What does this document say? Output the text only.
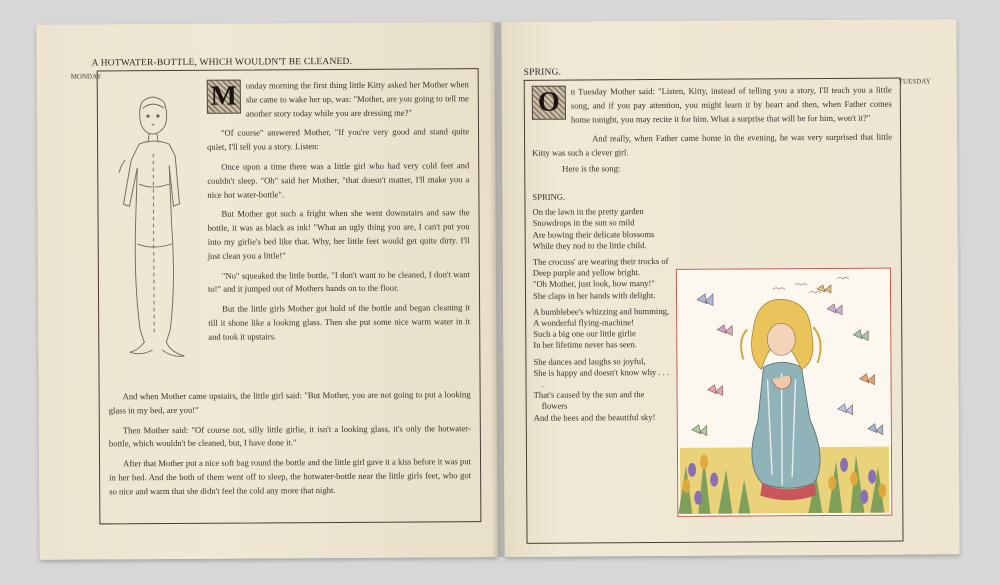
A HOTWATER-BOTTLE, WHICH WOULDN'T BE CLEANED.
MONDAY

M onday morning the first thing little Kitty asked her Mother when she came to wake her up, was: "Mother, are you going to tell me another story today while you are dressing me?"

"Of course" answered Mother, "If you're very good and stand quite quiet, I'll tell you a story. Listen:

Once upon a time there was a little girl who had very cold feet and couldn't sleep. "Oh" said her Mother, "that doesn't matter, I'll make you a nice hot water-bottle".

But Mother got such a fright when she went downstairs and saw the bottle, it was as black as ink! "What an ugly thing you are, I can't put you into my girlie's bed like that. Why, her little feet would get quite dirty. I'll just clean you a little!"

"No" squeaked the little bottle, "I don't want to be cleaned, I don't want to!" and it jumped out of Mothers hands on to the floor.

But the little girls Mother got hold of the bottle and began cleaning it till it shone like a looking glass. Then she put some nice warm water in it and took it upstairs.

And when Mother came upstairs, the little girl said: "But Mother, you are not going to put a looking glass in my bed, are you!"

Then Mother said: "Of course not, silly little girlie, it isn't a looking glass, it's only the hotwater-bottle, which wouldn't be cleaned, but, I have done it."

After that Mother put a nice soft bag round the bottle and the little girl gave it a kiss before it was put in her bed. And the both of them went off to sleep, the hotwater-bottle near the little girls feet, who got so nice and warm that she didn't feel the cold any more that night.

SPRING.
TUESDAY

O	n Tuesday Mother said: "Listen, Kitty, instead of telling you a story, I'll teach you a little song, and if you pay attention, you might learn it by heart and then, when Father comes home tonight, you may recite it for him. What a surprise that will be for him, won't it?"

And really, when Father came home in the evening, he was very surprised that little Kitty was such a clever girl.

Here is the song:

SPRING.
On the lawn in the pretty garden
Snowdrops in the sun so mild
Are bowing their delicate blossoms
While they nod to the little child.
The crocuss' are wearing their trocks of
Deep purple and yellow bright.
"Oh Mother, just look, how many!"
She claps in her hands with delight.
A bumblebee's whizzing and humming,
A wonderful flying-machine!
Such a big one our little girlie
In her lifetime never has seen.
She dances and laughs so joyful,
She is happy and doesn't know why . . . .
That's caused by the sun and the flowers
And the bees and the beautiful sky!
